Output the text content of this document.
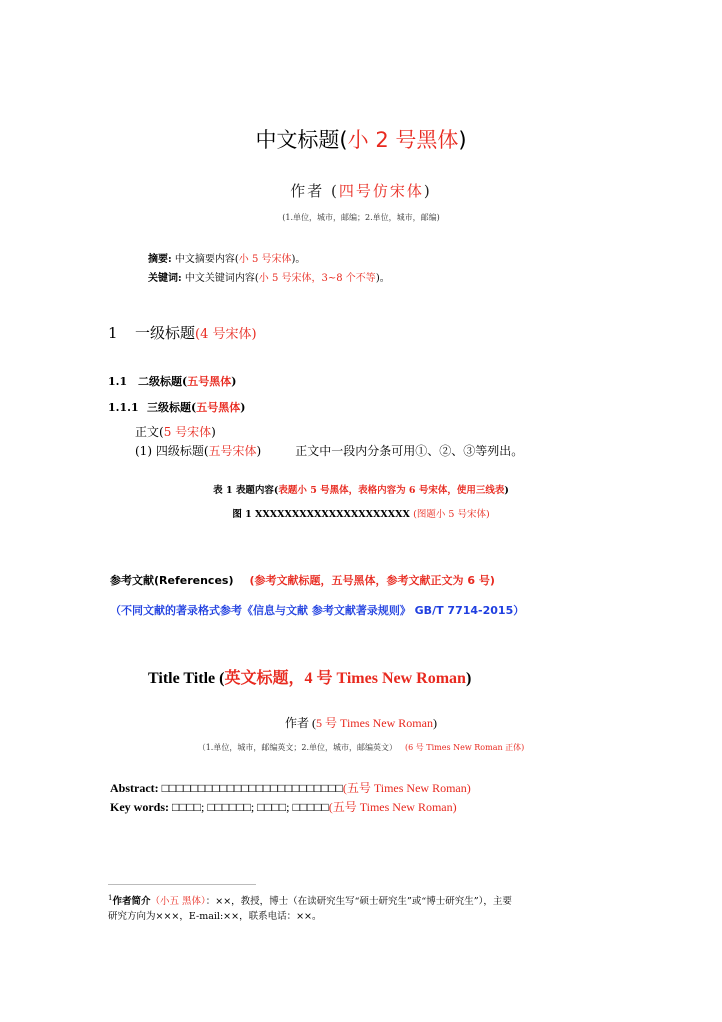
中文标题(小 2 号黑体)
作者 (四号仿宋体)
(1.单位，城市，邮编；2.单位，城市，邮编)
摘要: 中文摘要内容(小 5 号宋体)。
关键词: 中文关键词内容(小 5 号宋体，3~8 个不等)。
1 一级标题(4 号宋体)
1.1 二级标题(五号黑体)
1.1.1 三级标题(五号黑体)
正文(5 号宋体)
(1) 四级标题(五号宋体)	正文中一段内分条可用①、②、③等列出。
表 1 表题内容(表题小 5 号黑体，表格内容为 6 号宋体，使用三线表)
图 1 XXXXXXXXXXXXXXXXXXXXX (图题小 5 号宋体)
参考文献(References) (参考文献标题，五号黑体，参考文献正文为 6 号)
（不同文献的著录格式参考《信息与文献 参考文献著录规则》 GB/T 7714-2015）
Title Title (英文标题，4 号 Times New Roman)
作者 (5 号 Times New Roman)
（1.单位，城市，邮编英文；2.单位，城市，邮编英文） (6 号 Times New Roman 正体)
Abstract: □□□□□□□□□□□□□□□□□□□□□□□□□(五号 Times New Roman)
Key words: □□□□; □□□□□□; □□□□; □□□□□(五号 Times New Roman)
$^1$作者简介（小五 黑体）：××，教授，博士（在读研究生写“硕士研究生”或“博士研究生”），主要
研究方向为×××，E-mail:××，联系电话：××。
